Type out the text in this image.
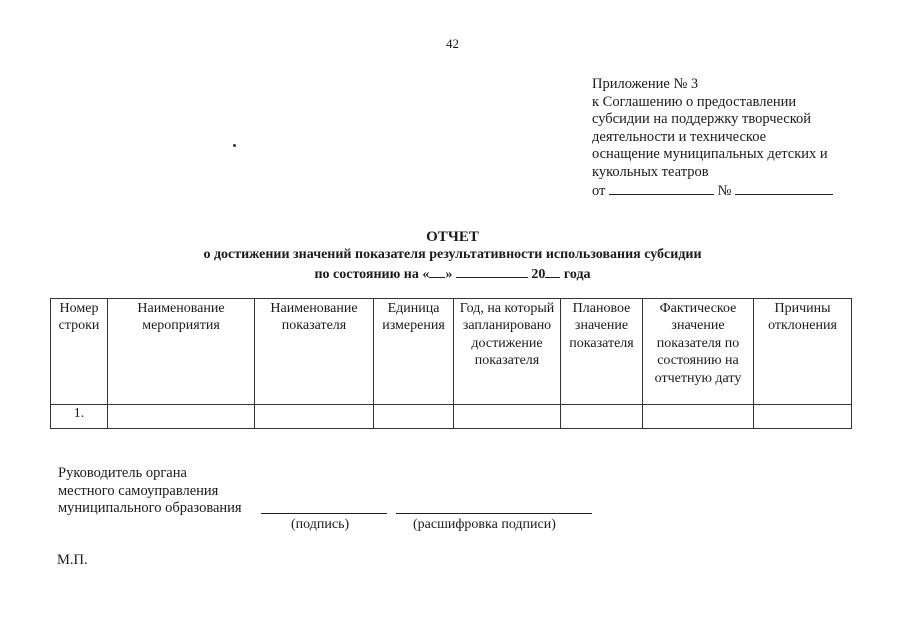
42
Приложение № 3
к Соглашению о предоставлении
субсидии на поддержку творческой
деятельности и техническое
оснащение муниципальных детских и
кукольных театров
от	№
ОТЧЕТ
о достижении значений показателя результативности использования субсидии
по состоянию на « »	20 года
Номер строки	Наименование мероприятия	Наименование показателя	Единица измерения	Год, на который запланировано достижение показателя	Плановое значение показателя	Фактическое значение показателя по состоянию на отчетную дату	Причины отклонения
1.							
Руководитель органа
местного самоуправления
муниципального образования
(подпись)	(расшифровка подписи)
М.П.
